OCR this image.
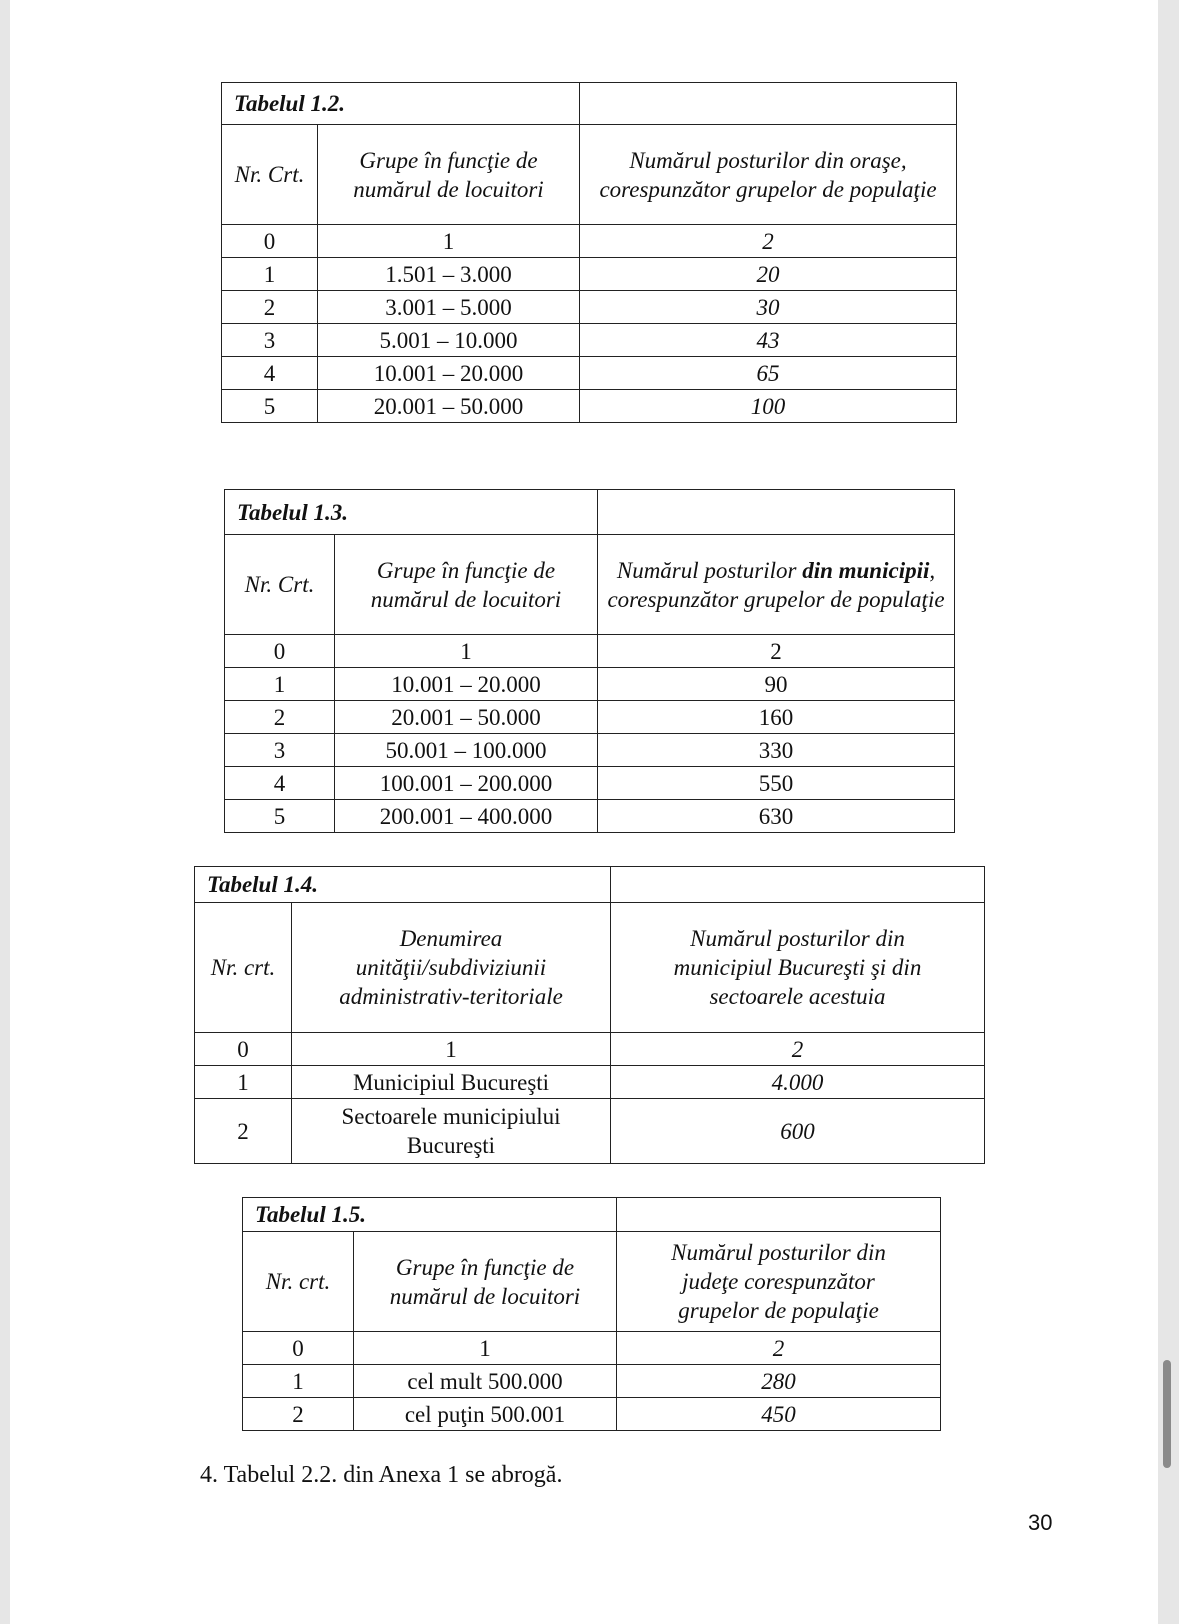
Tabelul 1.2.		
Nr. Crt.	Grupe în funcţie de numărul de locuitori	Numărul posturilor din oraşe, corespunzător grupelor de populaţie
0	1	2
1	1.501 – 3.000	20
2	3.001 – 5.000	30
3	5.001 – 10.000	43
4	10.001 – 20.000	65
5	20.001 – 50.000	100
Tabelul 1.3.		
Nr. Crt.	Grupe în funcţie de numărul de locuitori	Numărul posturilor din municipii, corespunzător grupelor de populaţie
0	1	2
1	10.001 – 20.000	90
2	20.001 – 50.000	160
3	50.001 – 100.000	330
4	100.001 – 200.000	550
5	200.001 – 400.000	630
Tabelul 1.4.		
Nr. crt.	Denumirea unităţii/subdiviziunii administrativ-teritoriale	Numărul posturilor din municipiul Bucureşti şi din sectoarele acestuia
0	1	2
1	Municipiul Bucureşti	4.000
2	Sectoarele municipiului Bucureşti	600
Tabelul 1.5.		
Nr. crt.	Grupe în funcţie de numărul de locuitori	Numărul posturilor din judeţe corespunzător grupelor de populaţie
0	1	2
1	cel mult 500.000	280
2	cel puţin 500.001	450
4. Tabelul 2.2. din Anexa 1 se abrogă.
30
